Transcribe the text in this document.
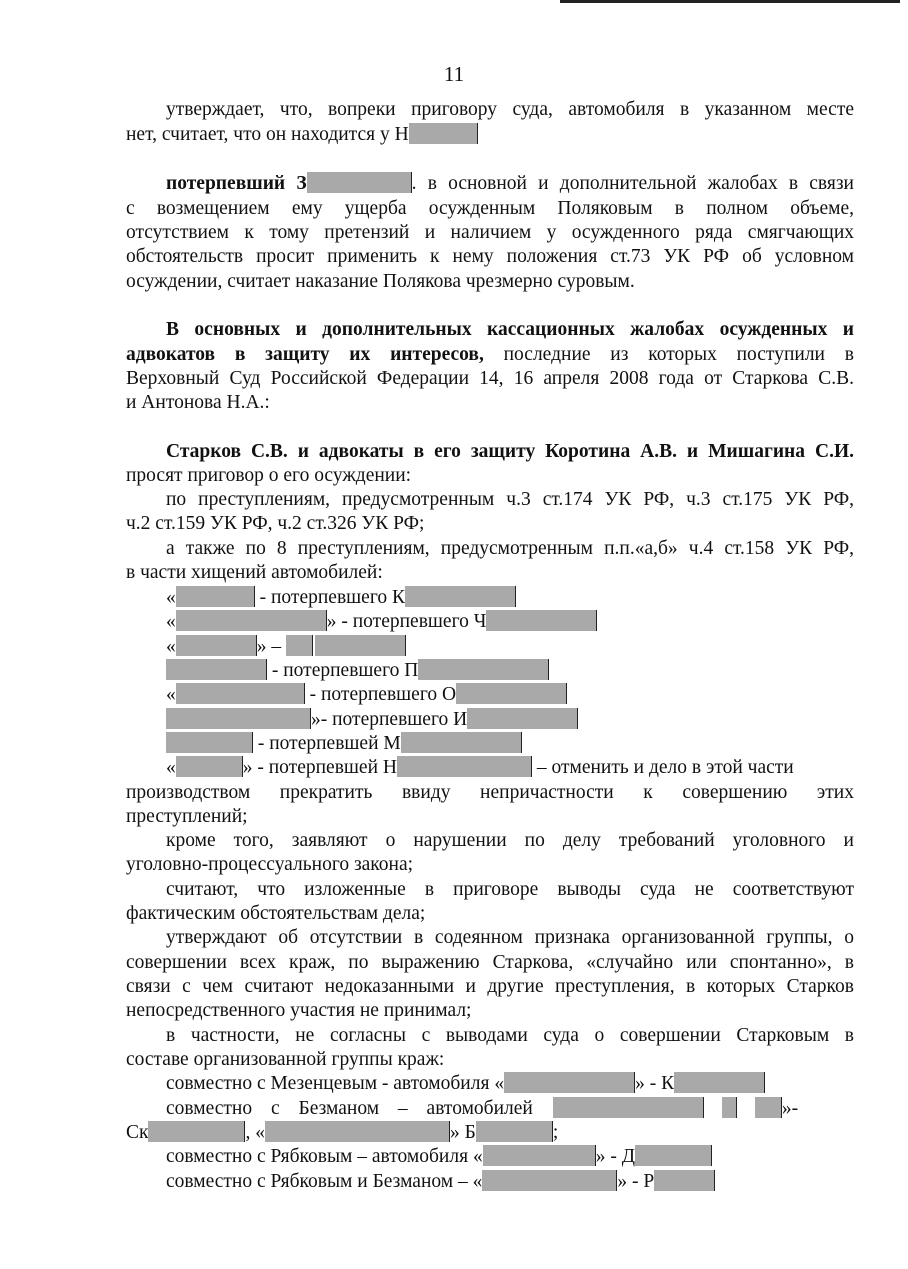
11
утверждает, что, вопреки приговору суда, автомобиля в указанном месте
нет, считает, что он находится у Н
потерпевший З	. в основной и дополнительной жалобах в связи
с возмещением ему ущерба осужденным Поляковым в полном объеме,
отсутствием к тому претензий и наличием у осужденного ряда смягчающих
обстоятельств просит применить к нему положения ст.73 УК РФ об условном
осуждении, считает наказание Полякова чрезмерно суровым.
В основных и дополнительных кассационных жалобах осужденных и
адвокатов в защиту их интересов, последние из которых поступили в
Верховный Суд Российской Федерации 14, 16 апреля 2008 года от Старкова С.В.
и Антонова Н.А.:
Старков С.В. и адвокаты в его защиту Коротина А.В. и Мишагина С.И.
просят приговор о его осуждении:
по преступлениям, предусмотренным ч.3 ст.174 УК РФ, ч.3 ст.175 УК РФ,
ч.2 ст.159 УК РФ, ч.2 ст.326 УК РФ;
а также по 8 преступлениям, предусмотренным п.п.«а,б» ч.4 ст.158 УК РФ,
в части хищений автомобилей:
«	- потерпевшего К
«	» - потерпевшего Ч
«	» –
- потерпевшего П
«	- потерпевшего О
»- потерпевшего И
- потерпевшей М
«	» - потерпевшей Н	– отменить и дело в этой части
производством прекратить ввиду непричастности к совершению этих
преступлений;
кроме того, заявляют о нарушении по делу требований уголовного и
уголовно-процессуального закона;
считают, что изложенные в приговоре выводы суда не соответствуют
фактическим обстоятельствам дела;
утверждают об отсутствии в содеянном признака организованной группы, о
совершении всех краж, по выражению Старкова, «случайно или спонтанно», в
связи с чем считают недоказанными и другие преступления, в которых Старков
непосредственного участия не принимал;
в частности, не согласны с выводами суда о совершении Старковым в
составе организованной группы краж:
совместно с Мезенцевым - автомобиля «	» - К
совместно с Безманом – автомобилей	»-
Ск	, «	» Б	;
совместно с Рябковым – автомобиля «	» - Д
совместно с Рябковым и Безманом – «	» - Р
